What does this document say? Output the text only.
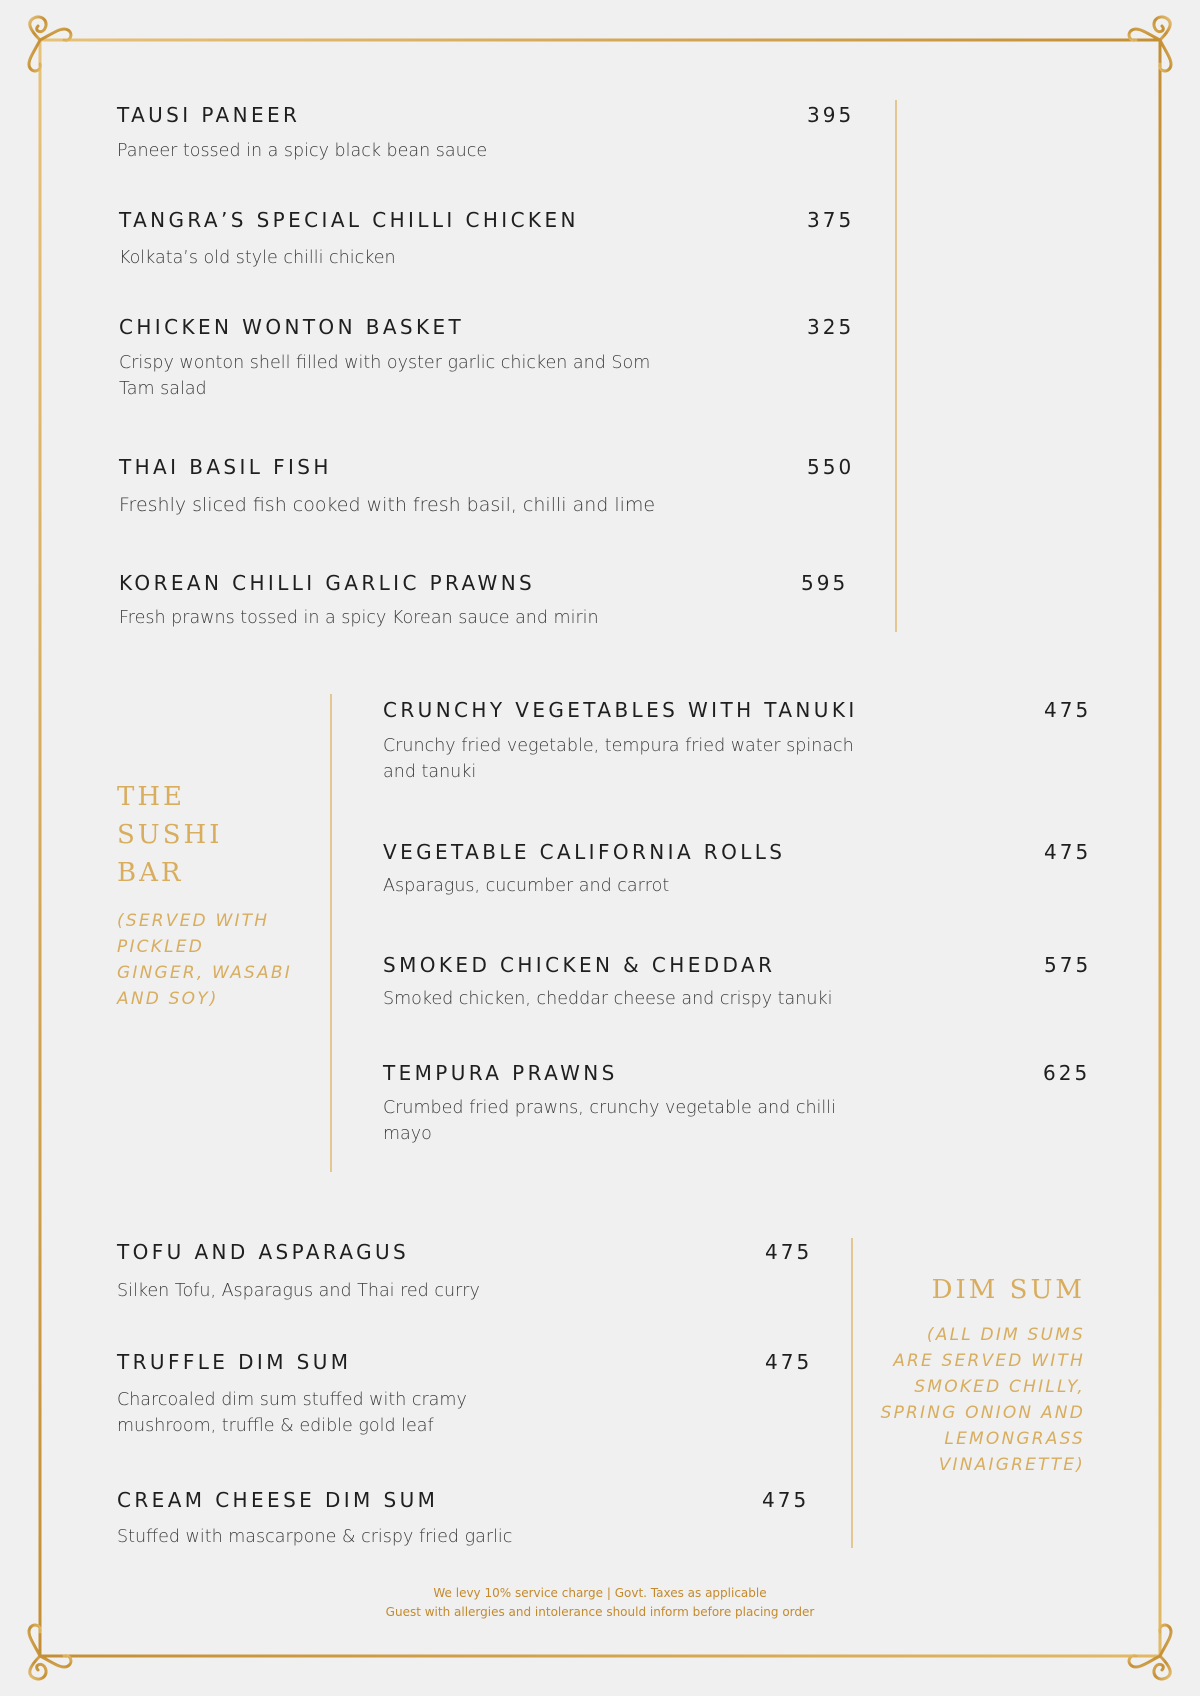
TAUSI PANEER	395
Paneer tossed in a spicy black bean sauce
TANGRA’S SPECIAL CHILLI CHICKEN	375
Kolkata’s old style chilli chicken
CHICKEN WONTON BASKET	325
Crispy wonton shell filled with oyster garlic chicken and Som Tam salad
THAI BASIL FISH	550
Freshly sliced fish cooked with fresh basil, chilli and lime
KOREAN CHILLI GARLIC PRAWNS	595
Fresh prawns tossed in a spicy Korean sauce and mirin
THE SUSHI BAR
(SERVED WITH PICKLED GINGER, WASABI AND SOY)
CRUNCHY VEGETABLES WITH TANUKI	475
Crunchy fried vegetable, tempura fried water spinach and tanuki
VEGETABLE CALIFORNIA ROLLS	475
Asparagus, cucumber and carrot
SMOKED CHICKEN & CHEDDAR	575
Smoked chicken, cheddar cheese and crispy tanuki
TEMPURA PRAWNS	625
Crumbed fried prawns, crunchy vegetable and chilli mayo
TOFU AND ASPARAGUS	475
Silken Tofu, Asparagus and Thai red curry
TRUFFLE DIM SUM	475
Charcoaled dim sum stuffed with cramy mushroom, truffle & edible gold leaf
CREAM CHEESE DIM SUM	475
Stuffed with mascarpone & crispy fried garlic
DIM SUM
(ALL DIM SUMS ARE SERVED WITH SMOKED CHILLY, SPRING ONION AND LEMONGRASS VINAIGRETTE)
We levy 10% service charge | Govt. Taxes as applicable
Guest with allergies and intolerance should inform before placing order
